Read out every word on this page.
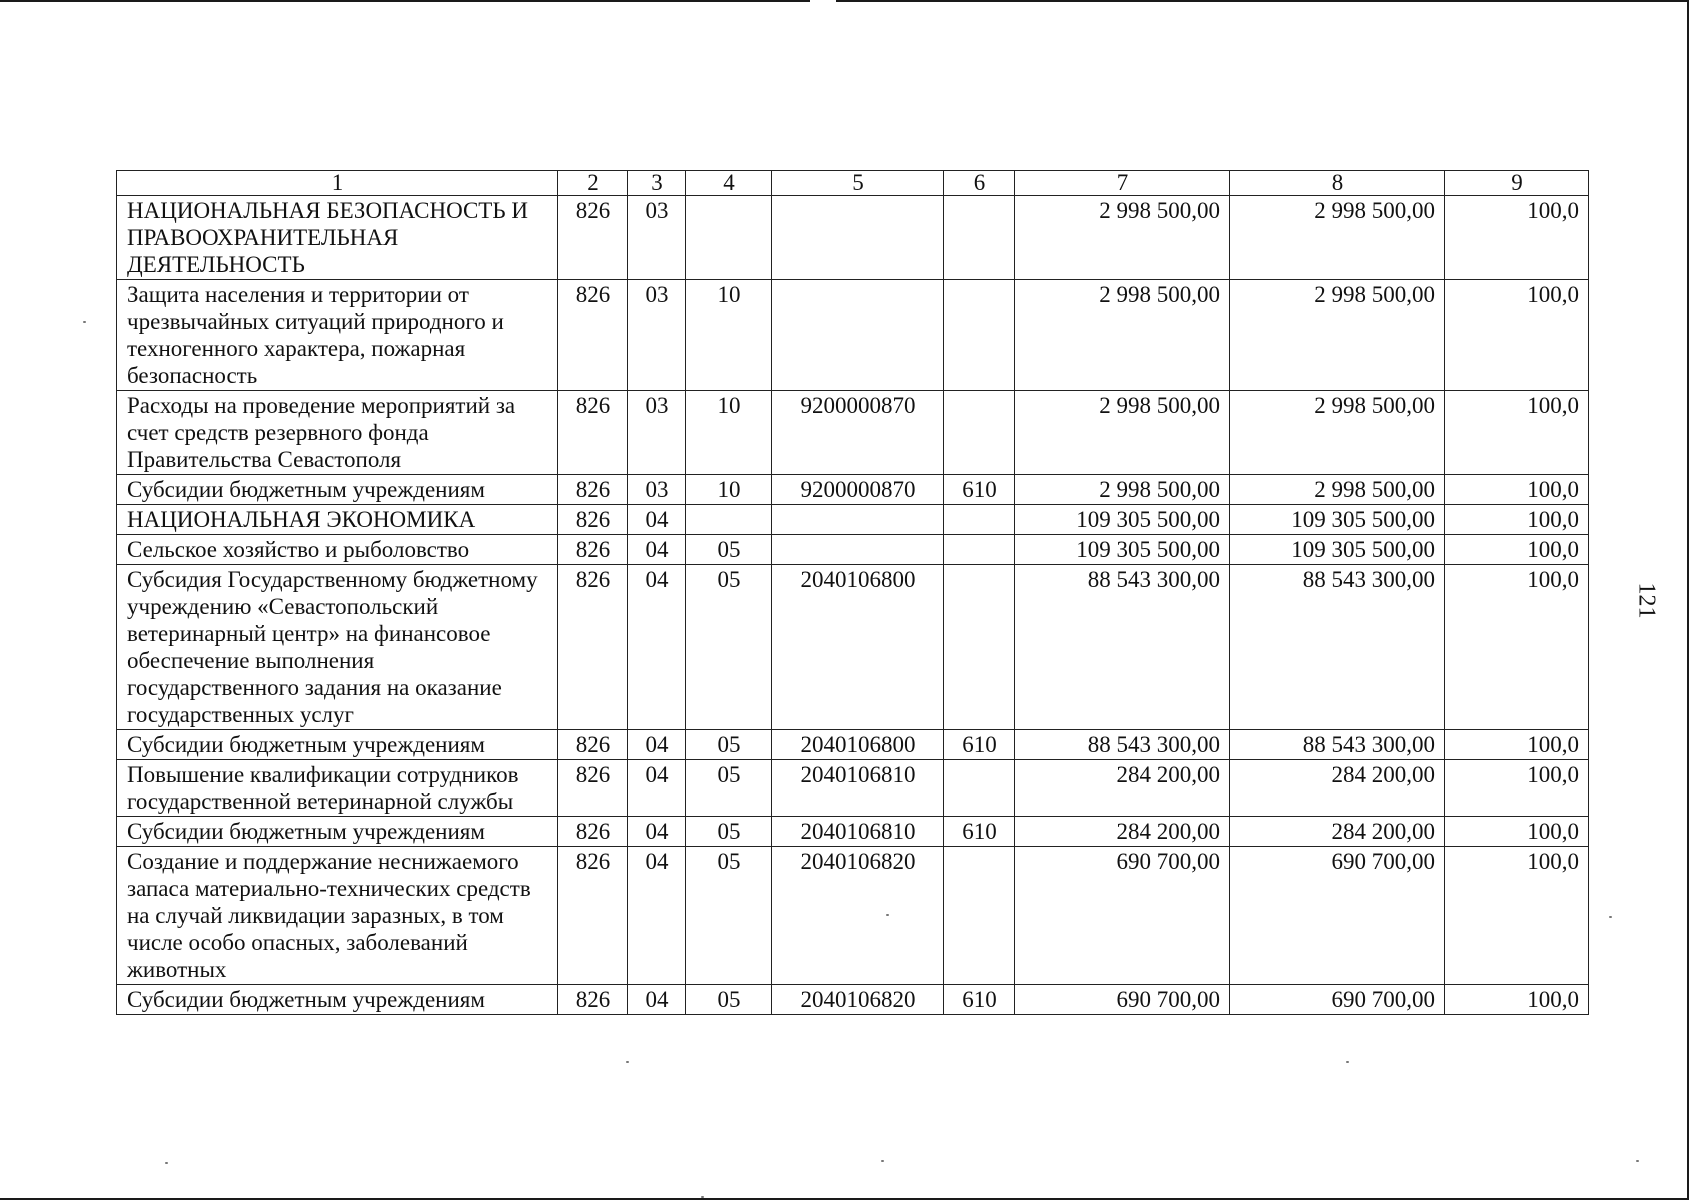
1	2	3	4	5	6	7	8	9
НАЦИОНАЛЬНАЯ БЕЗОПАСНОСТЬ И ПРАВООХРАНИТЕЛЬНАЯ ДЕЯТЕЛЬНОСТЬ	826	03				2 998 500,00	2 998 500,00	100,0
Защита населения и территории от чрезвычайных ситуаций природного и техногенного характера, пожарная безопасность	826	03	10			2 998 500,00	2 998 500,00	100,0
Расходы на проведение мероприятий за счет средств резервного фонда Правительства Севастополя	826	03	10	9200000870		2 998 500,00	2 998 500,00	100,0
Субсидии бюджетным учреждениям	826	03	10	9200000870	610	2 998 500,00	2 998 500,00	100,0
НАЦИОНАЛЬНАЯ ЭКОНОМИКА	826	04				109 305 500,00	109 305 500,00	100,0
Сельское хозяйство и рыболовство	826	04	05			109 305 500,00	109 305 500,00	100,0
Субсидия Государственному бюджетному учреждению «Севастопольский ветеринарный центр» на финансовое обеспечение выполнения государственного задания на оказание государственных услуг	826	04	05	2040106800		88 543 300,00	88 543 300,00	100,0
Субсидии бюджетным учреждениям	826	04	05	2040106800	610	88 543 300,00	88 543 300,00	100,0
Повышение квалификации сотрудников государственной ветеринарной службы	826	04	05	2040106810		284 200,00	284 200,00	100,0
Субсидии бюджетным учреждениям	826	04	05	2040106810	610	284 200,00	284 200,00	100,0
Создание и поддержание неснижаемого запаса материально-технических средств на случай ликвидации заразных, в том числе особо опасных, заболеваний животных	826	04	05	2040106820		690 700,00	690 700,00	100,0
Субсидии бюджетным учреждениям	826	04	05	2040106820	610	690 700,00	690 700,00	100,0
121
